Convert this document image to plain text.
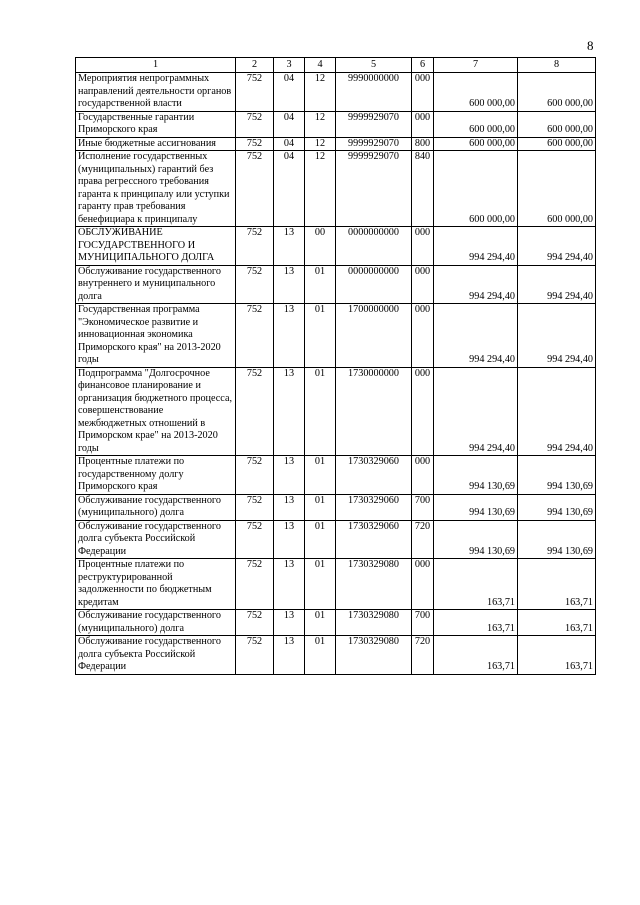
8
1	2	3	4	5	6	7	8
Мероприятия непрограммных направлений деятельности органов государственной власти	752	04	12	9990000000	000	600 000,00	600 000,00
Государственные гарантии Приморского края	752	04	12	9999929070	000	600 000,00	600 000,00
Иные бюджетные ассигнования	752	04	12	9999929070	800	600 000,00	600 000,00
Исполнение государственных (муниципальных) гарантий без права регрессного требования гаранта к принципалу или уступки гаранту прав требования бенефициара к принципалу	752	04	12	9999929070	840	600 000,00	600 000,00
ОБСЛУЖИВАНИЕ ГОСУДАРСТВЕННОГО И МУНИЦИПАЛЬНОГО ДОЛГА	752	13	00	0000000000	000	994 294,40	994 294,40
Обслуживание государственного внутреннего и муниципального долга	752	13	01	0000000000	000	994 294,40	994 294,40
Государственная программа "Экономическое развитие и инновационная экономика Приморского края" на 2013-2020 годы	752	13	01	1700000000	000	994 294,40	994 294,40
Подпрограмма "Долгосрочное финансовое планирование и организация бюджетного процесса, совершенствование межбюджетных отношений в Приморском крае" на 2013-2020 годы	752	13	01	1730000000	000	994 294,40	994 294,40
Процентные платежи по государственному долгу Приморского края	752	13	01	1730329060	000	994 130,69	994 130,69
Обслуживание государственного (муниципального) долга	752	13	01	1730329060	700	994 130,69	994 130,69
Обслуживание государственного долга субъекта Российской Федерации	752	13	01	1730329060	720	994 130,69	994 130,69
Процентные платежи по реструктурированной задолженности по бюджетным кредитам	752	13	01	1730329080	000	163,71	163,71
Обслуживание государственного (муниципального) долга	752	13	01	1730329080	700	163,71	163,71
Обслуживание государственного долга субъекта Российской Федерации	752	13	01	1730329080	720	163,71	163,71
